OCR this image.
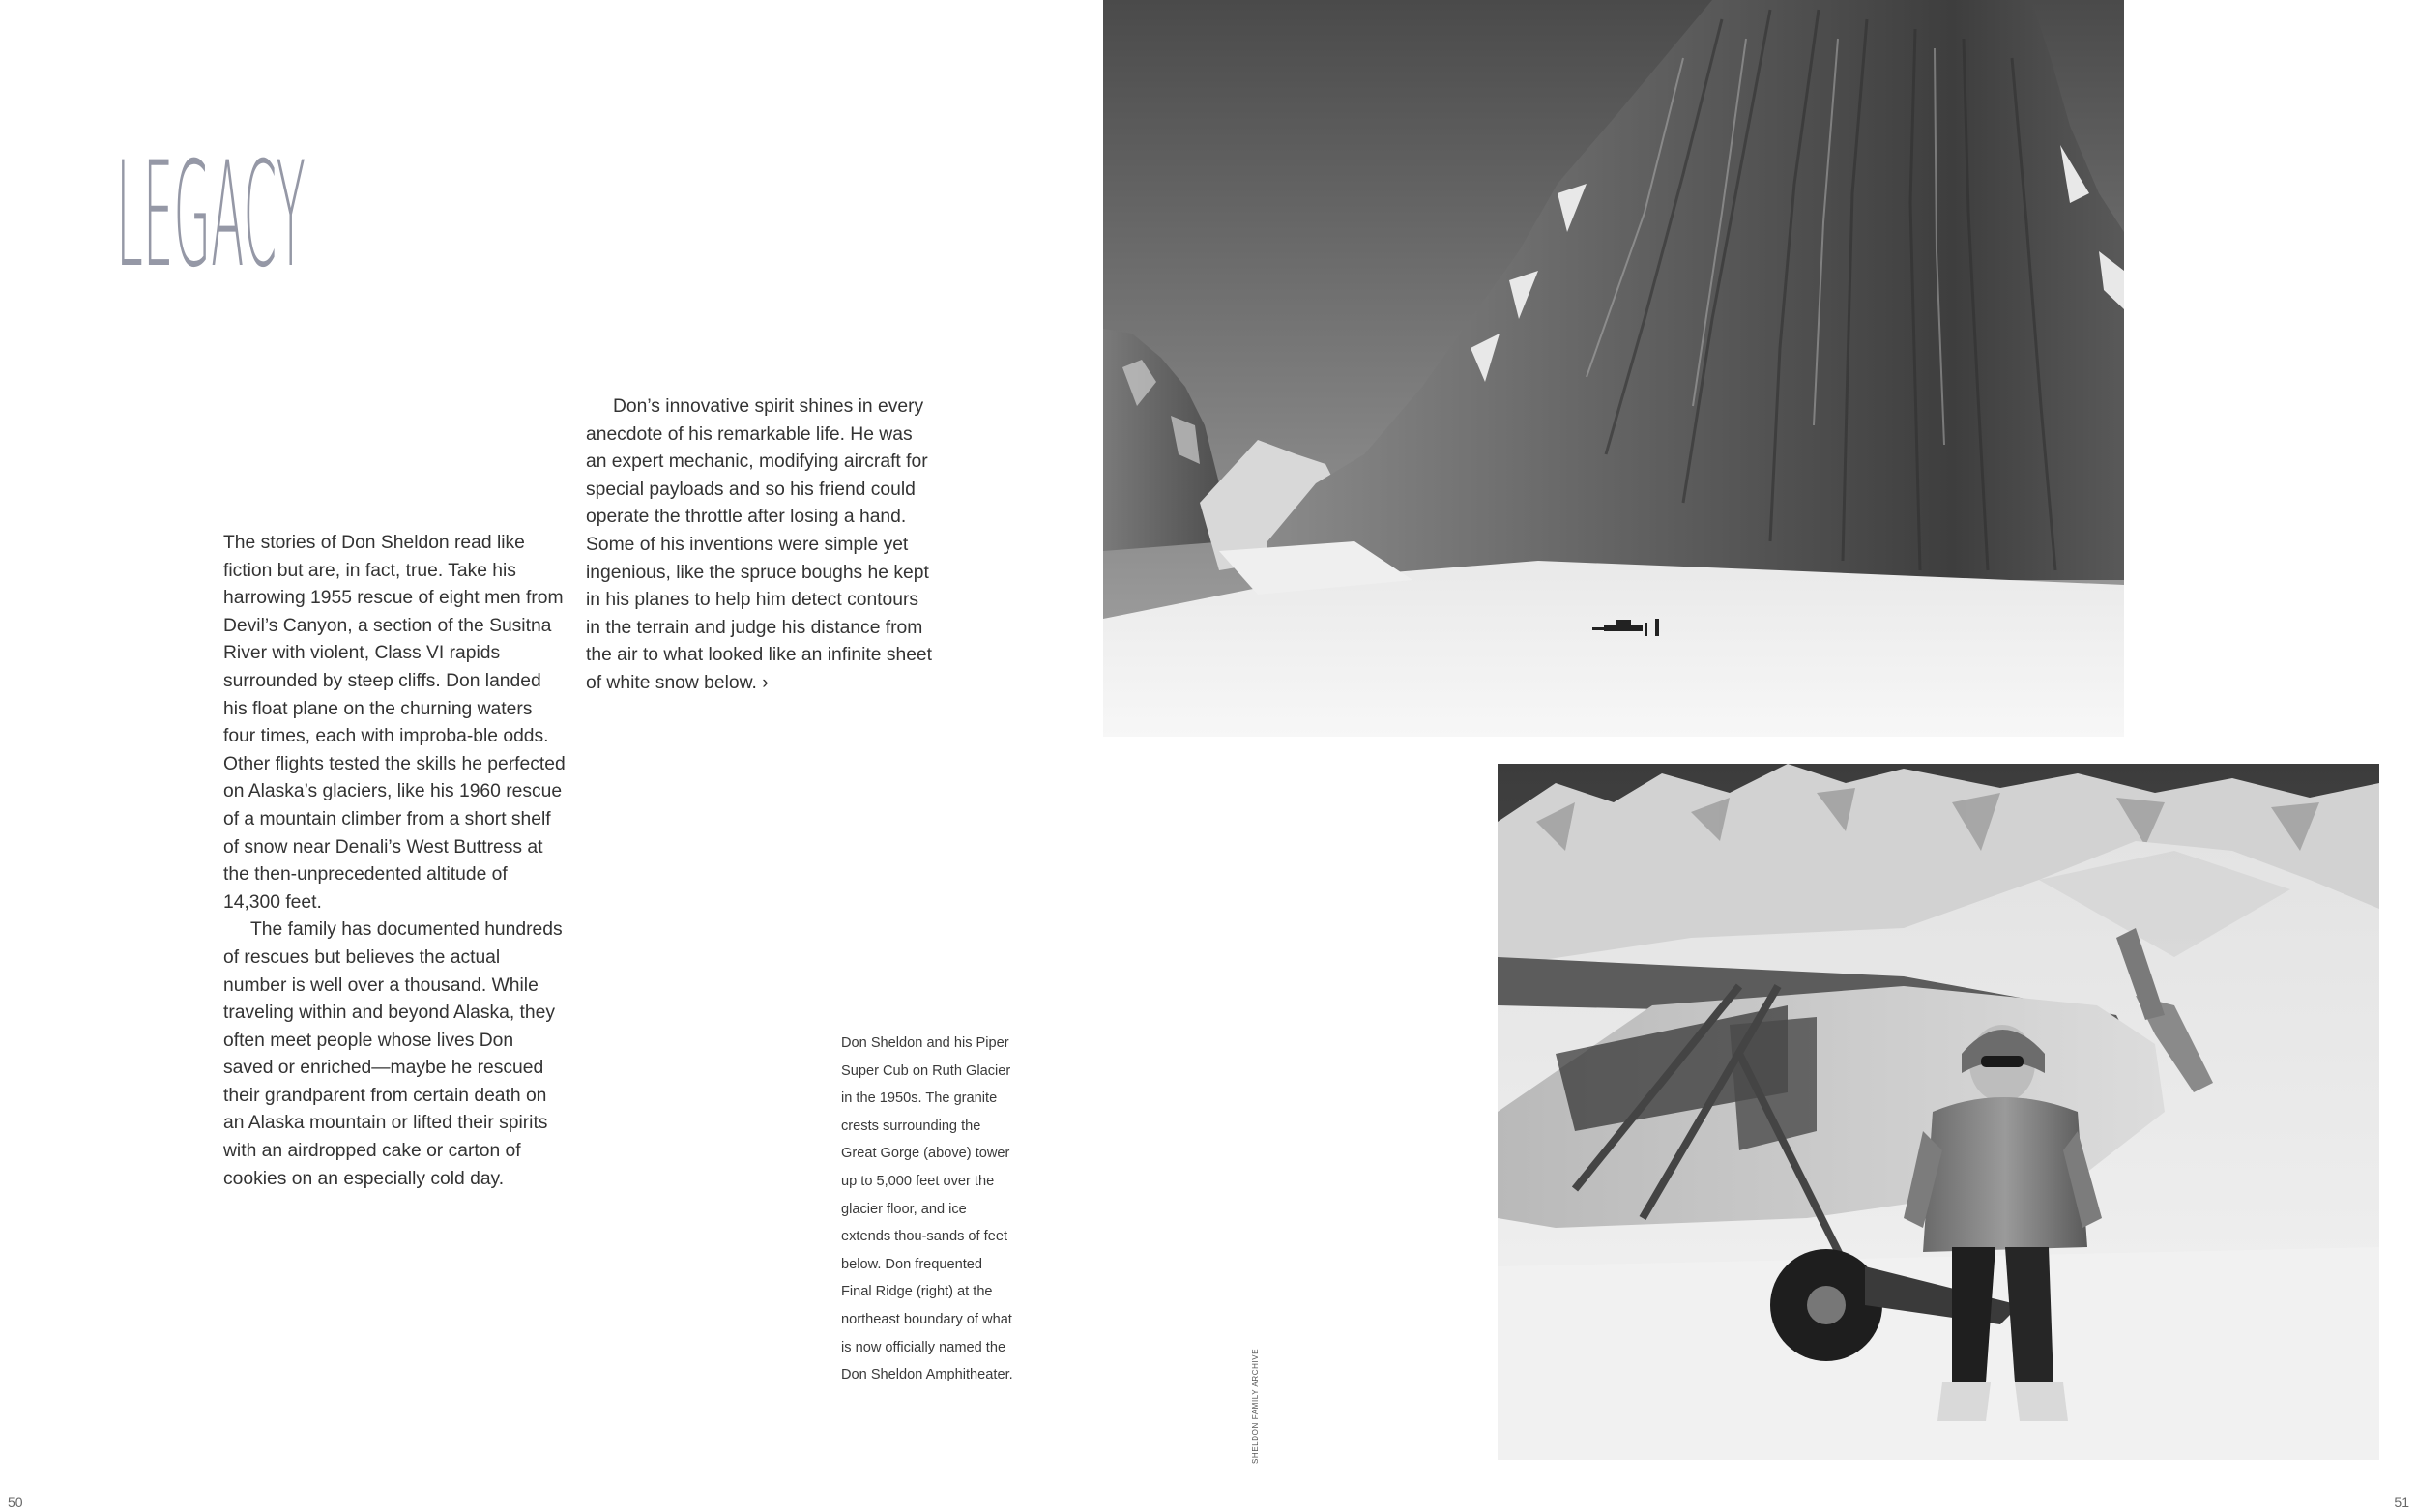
LEGACY

The stories of Don Sheldon read like fiction but are, in fact, true. Take his harrowing 1955 rescue of eight men from Devil’s Canyon, a section of the Susitna River with violent, Class VI rapids surrounded by steep cliffs. Don landed his float plane on the churning waters four times, each with improba-ble odds. Other flights tested the skills he perfected on Alaska’s glaciers, like his 1960 rescue of a mountain climber from a short shelf of snow near Denali’s West Buttress at the then-unprecedented altitude of 14,300 feet.

The family has documented hundreds of rescues but believes the actual number is well over a thousand. While traveling within and beyond Alaska, they often meet people whose lives Don saved or enriched—maybe he rescued their grandparent from certain death on an Alaska mountain or lifted their spirits with an airdropped cake or carton of cookies on an especially cold day.

Don’s innovative spirit shines in every anecdote of his remarkable life. He was an expert mechanic, modifying aircraft for special payloads and so his friend could operate the throttle after losing a hand. Some of his inventions were simple yet ingenious, like the spruce boughs he kept in his planes to help him detect contours in the terrain and judge his distance from the air to what looked like an infinite sheet of white snow below. ›

Don Sheldon and his Piper Super Cub on Ruth Glacier in the 1950s. The granite crests surrounding the Great Gorge (above) tower up to 5,000 feet over the glacier floor, and ice extends thou-sands of feet below. Don frequented Final Ridge (right) at the northeast boundary of what is now officially named the Don Sheldon Amphitheater.	SHELDON FAMILY ARCHIVE
50	51
